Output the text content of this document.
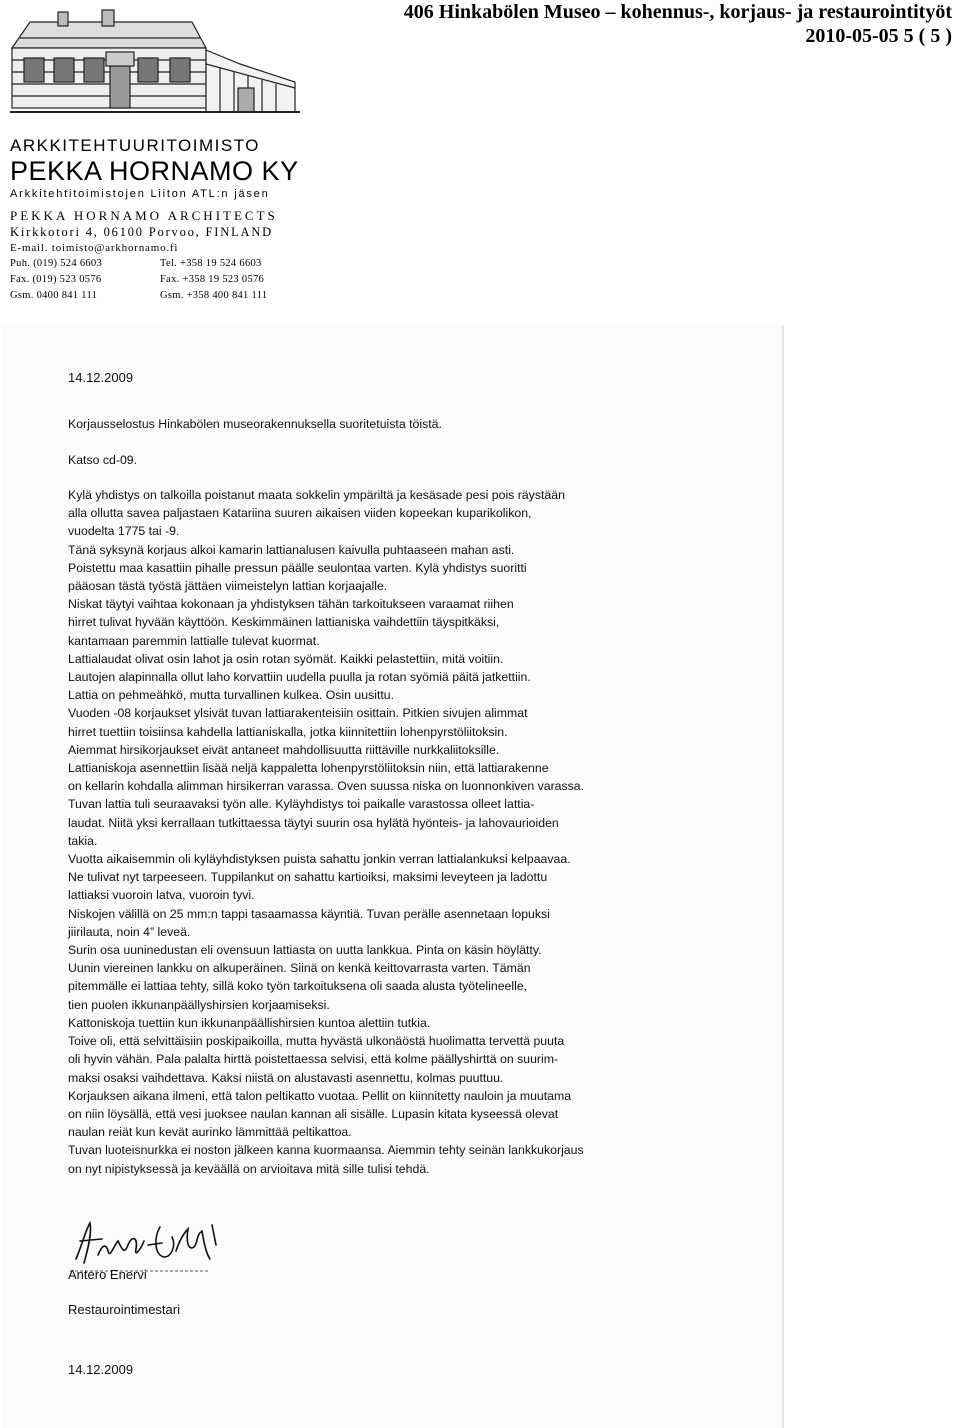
406 Hinkabölen Museo – kohennus-, korjaus- ja restaurointityöt
2010-05-05 5 ( 5 )
ARKKITEHTUURITOIMISTO
PEKKA HORNAMO KY
Arkkitehtitoimistojen Liiton ATL:n jäsen
PEKKA HORNAMO ARCHITECTS
Kirkkotori 4, 06100 Porvoo, FINLAND
E-mail. toimisto@arkhornamo.fi
Puh. (019) 524 6603	Tel. +358 19 524 6603
Fax. (019) 523 0576	Fax. +358 19 523 0576
Gsm. 0400 841 111	Gsm. +358 400 841 111
14.12.2009
Korjausselostus Hinkabölen museorakennuksella suoritetuista töistä.
Katso cd-09.
Kylä yhdistys on talkoilla poistanut maata sokkelin ympäriltä ja kesäsade pesi pois räystään
alla ollutta savea paljastaen Katariina suuren aikaisen viiden kopeekan kuparikolikon,
vuodelta 1775 tai -9.
Tänä syksynä korjaus alkoi kamarin lattianalusen kaivulla puhtaaseen mahan asti.
Poistettu maa kasattiin pihalle pressun päälle seulontaa varten. Kylä yhdistys suoritti
pääosan tästä työstä jättäen viimeistelyn lattian korjaajalle.
Niskat täytyi vaihtaa kokonaan ja yhdistyksen tähän tarkoitukseen varaamat riihen
hirret tulivat hyvään käyttöön. Keskimmäinen lattianiska vaihdettiin täyspitkäksi,
kantamaan paremmin lattialle tulevat kuormat.
Lattialaudat olivat osin lahot ja osin rotan syömät. Kaikki pelastettiin, mitä voitiin.
Lautojen alapinnalla ollut laho korvattiin uudella puulla ja rotan syömiä päitä jatkettiin.
Lattia on pehmeähkö, mutta turvallinen kulkea. Osin uusittu.
Vuoden -08 korjaukset ylsivät tuvan lattiarakenteisiin osittain. Pitkien sivujen alimmat
hirret tuettiin toisiinsa kahdella lattianiskalla, jotka kiinnitettiin lohenpyrstöliitoksin.
Aiemmat hirsikorjaukset eivät antaneet mahdollisuutta riittäville nurkkaliitoksille.
Lattianiskoja asennettiin lisää neljä kappaletta lohenpyrstöliitoksin niin, että lattiarakenne
on kellarin kohdalla alimman hirsikerran varassa. Oven suussa niska on luonnonkiven varassa.
Tuvan lattia tuli seuraavaksi työn alle. Kyläyhdistys toi paikalle varastossa olleet lattia-
laudat. Niitä yksi kerrallaan tutkittaessa täytyi suurin osa hylätä hyönteis- ja lahovaurioiden
takia.
Vuotta aikaisemmin oli kyläyhdistyksen puista sahattu jonkin verran lattialankuksi kelpaavaa.
Ne tulivat nyt tarpeeseen. Tuppilankut on sahattu kartioiksi, maksimi leveyteen ja ladottu
lattiaksi vuoroin latva, vuoroin tyvi.
Niskojen välillä on 25 mm:n tappi tasaamassa käyntiä. Tuvan perälle asennetaan lopuksi
jiirilauta, noin 4” leveä.
Surin osa uuninedustan eli ovensuun lattiasta on uutta lankkua. Pinta on käsin höylätty.
Uunin viereinen lankku on alkuperäinen. Siinä on kenkä keittovarrasta varten. Tämän
pitemmälle ei lattiaa tehty, sillä koko työn tarkoituksena oli saada alusta työtelineelle,
tien puolen ikkunanpäällyshirsien korjaamiseksi.
Kattoniskoja tuettiin kun ikkunanpäällishirsien kuntoa alettiin tutkia.
Toive oli, että selvittäisiin poskipaikoilla, mutta hyvästä ulkonäöstä huolimatta tervettä puuta
oli hyvin vähän. Pala palalta hirttä poistettaessa selvisi, että kolme päällyshirttä on suurim-
maksi osaksi vaihdettava. Kaksi niistä on alustavasti asennettu, kolmas puuttuu.
Korjauksen aikana ilmeni, että talon peltikatto vuotaa. Pellit on kiinnitetty nauloin ja muutama
on niin löysällä, että vesi juoksee naulan kannan ali sisälle. Lupasin kitata kyseessä olevat
naulan reiät kun kevät aurinko lämmittää peltikattoa.
Tuvan luoteisnurkka ei noston jälkeen kanna kuormaansa. Aiemmin tehty seinän lankkukorjaus
on nyt nipistyksessä ja keväällä on arvioitava mitä sille tulisi tehdä.
Antero Enervi
Restaurointimestari
14.12.2009
